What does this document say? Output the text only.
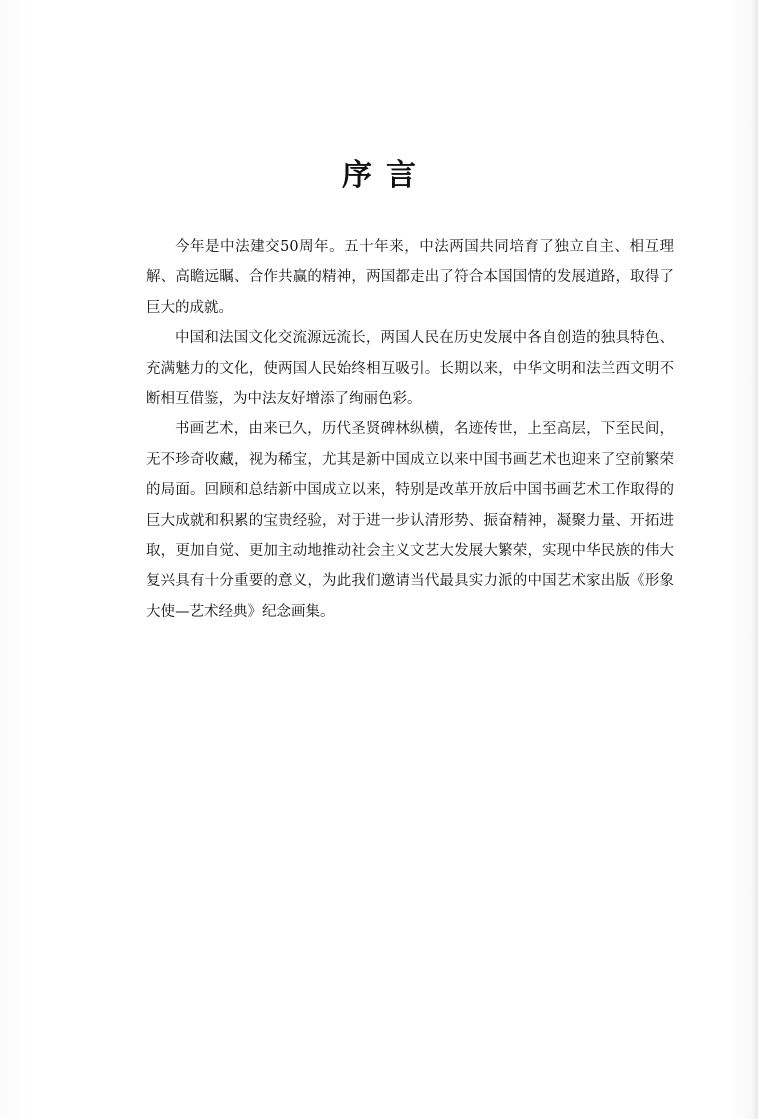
序言

今年是中法建交50周年。五十年来，中法两国共同培育了独立自主、相互理解、高瞻远瞩、合作共赢的精神，两国都走出了符合本国国情的发展道路，取得了巨大的成就。

中国和法国文化交流源远流长，两国人民在历史发展中各自创造的独具特色、充满魅力的文化，使两国人民始终相互吸引。长期以来，中华文明和法兰西文明不断相互借鉴，为中法友好增添了绚丽色彩。

书画艺术，由来已久，历代圣贤碑林纵横，名迹传世，上至高层，下至民间，无不珍奇收藏，视为稀宝，尤其是新中国成立以来中国书画艺术也迎来了空前繁荣的局面。回顾和总结新中国成立以来，特别是改革开放后中国书画艺术工作取得的巨大成就和积累的宝贵经验，对于进一步认清形势、振奋精神，凝聚力量、开拓进取，更加自觉、更加主动地推动社会主义文艺大发展大繁荣，实现中华民族的伟大复兴具有十分重要的意义，为此我们邀请当代最具实力派的中国艺术家出版《形象大使—艺术经典》纪念画集。
